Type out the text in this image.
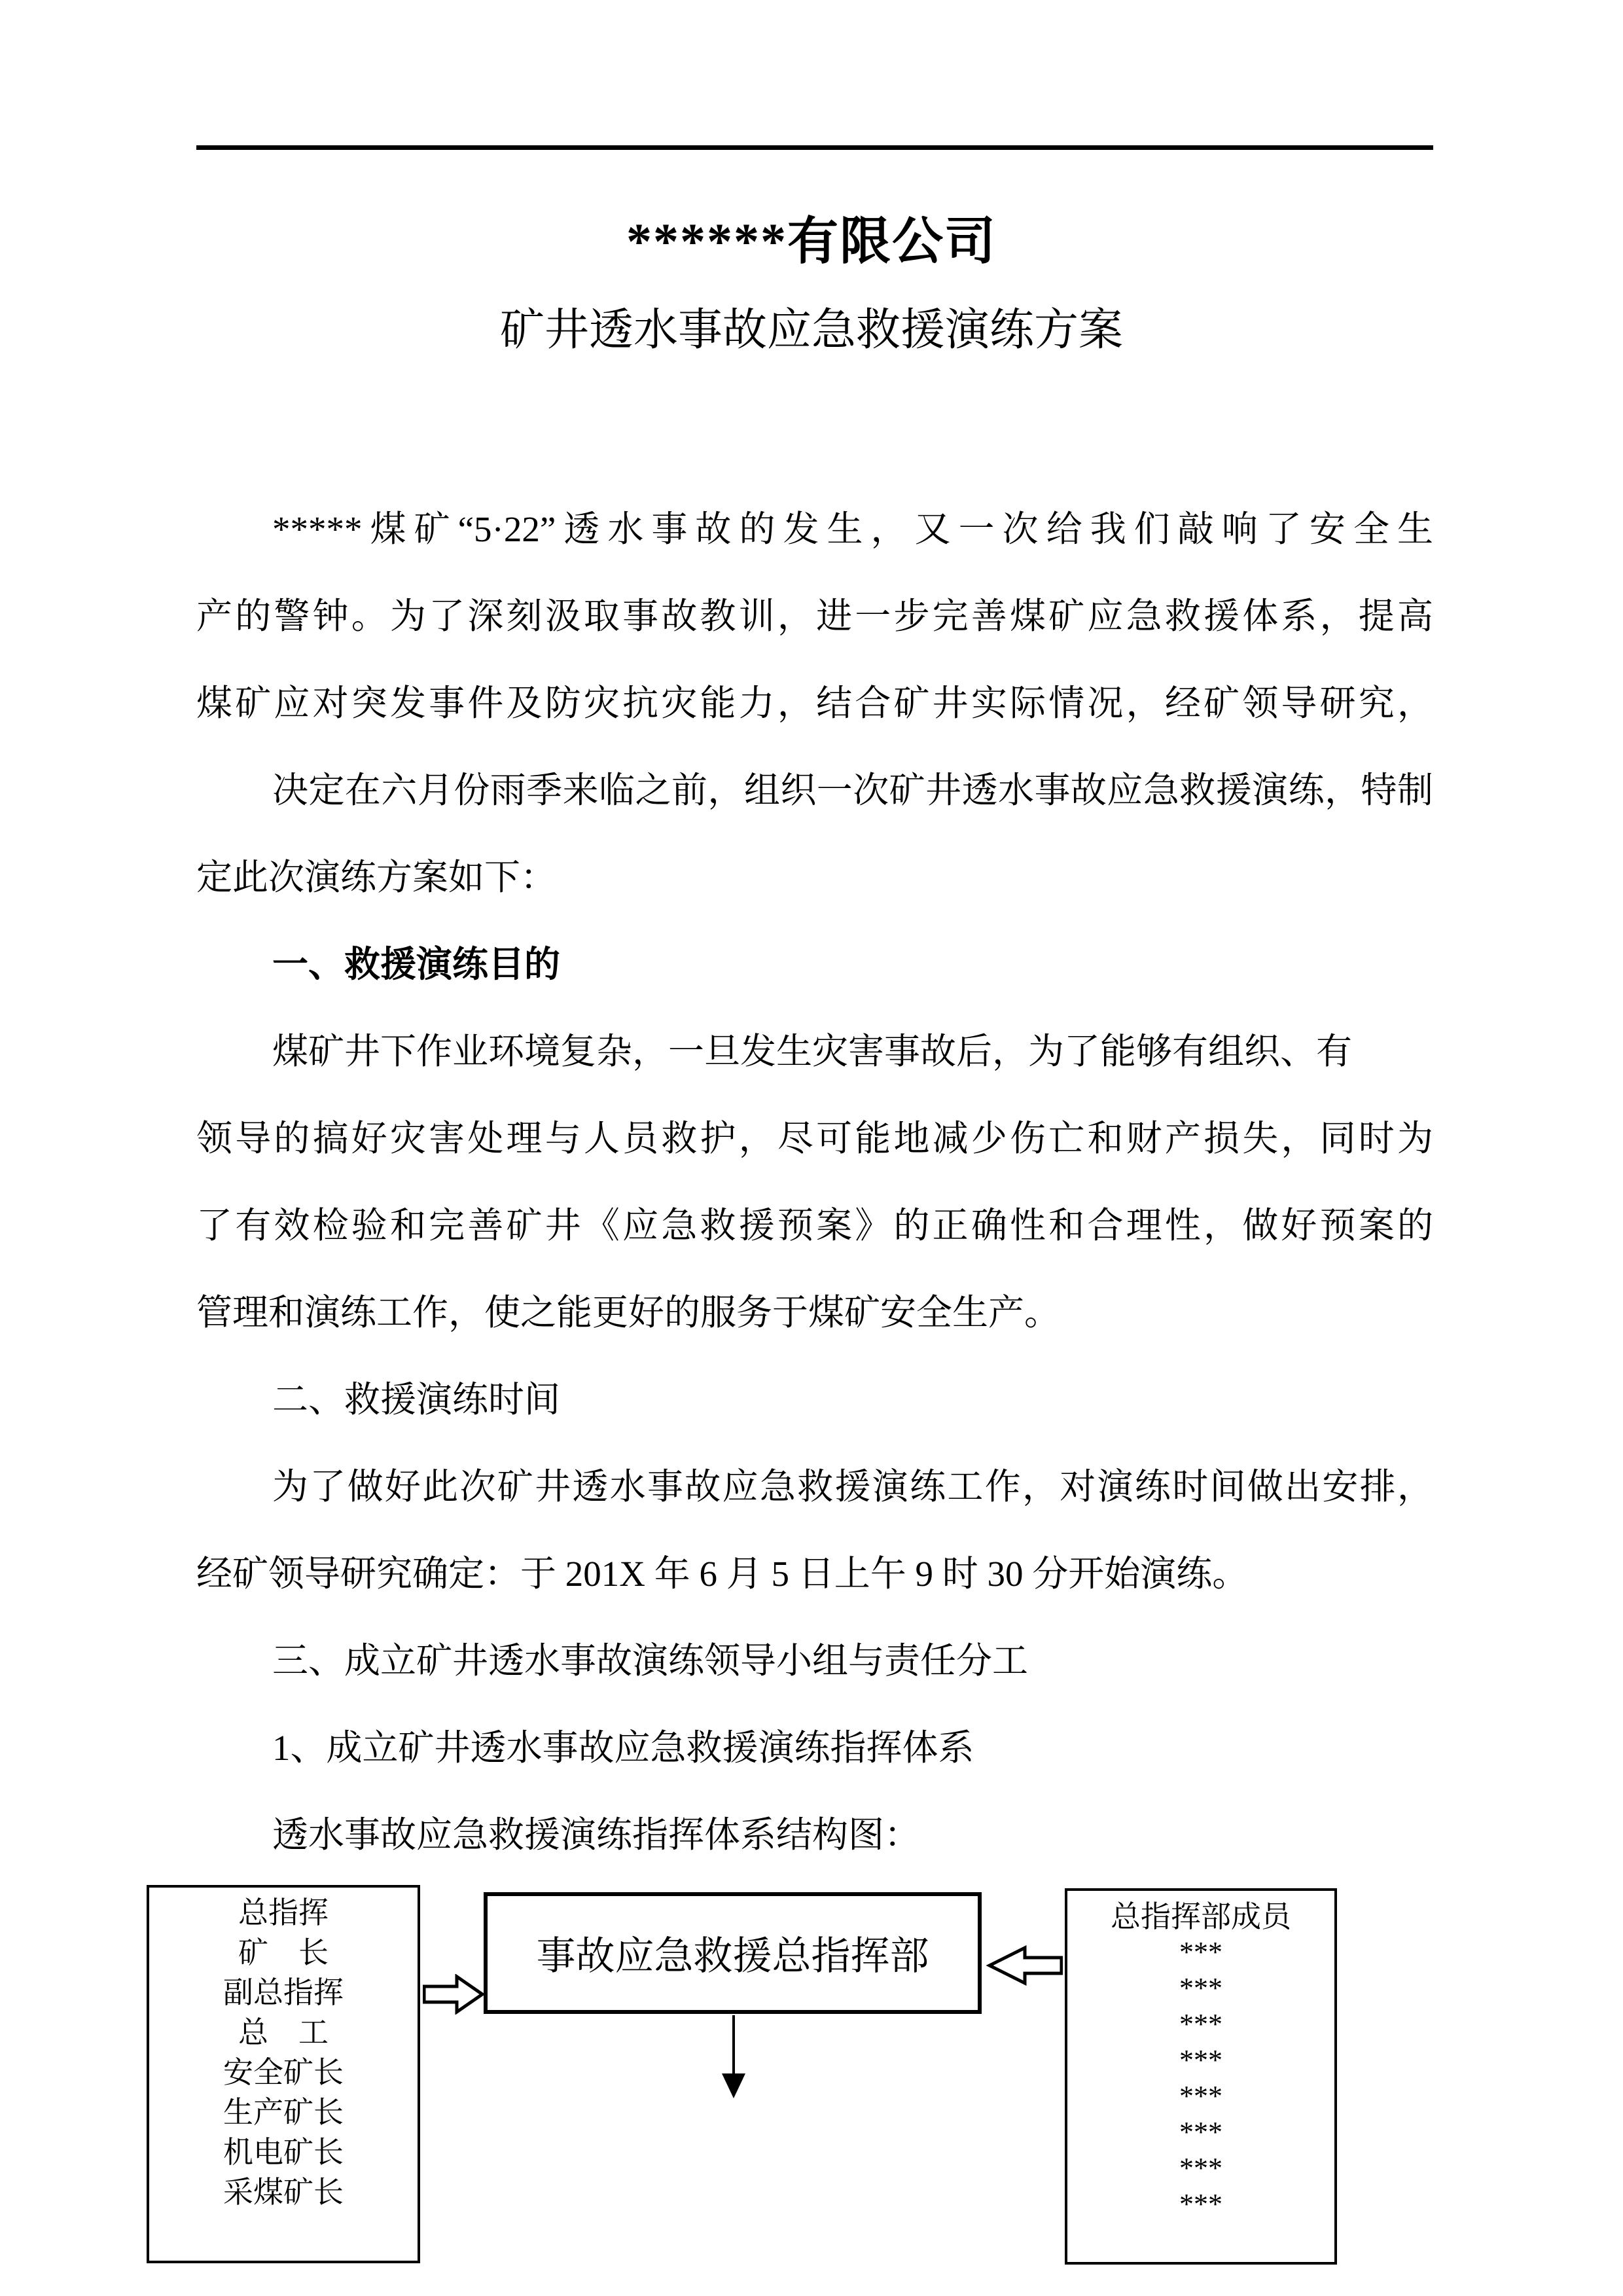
******有限公司
矿井透水事故应急救援演练方案
*****煤矿“5·22”透水事故的发生，又一次给我们敲响了安全生
产的警钟。为了深刻汲取事故教训，进一步完善煤矿应急救援体系，提高
煤矿应对突发事件及防灾抗灾能力，结合矿井实际情况，经矿领导研究，
决定在六月份雨季来临之前，组织一次矿井透水事故应急救援演练，特制
定此次演练方案如下：
一、救援演练目的
煤矿井下作业环境复杂，一旦发生灾害事故后，为了能够有组织、有
领导的搞好灾害处理与人员救护，尽可能地减少伤亡和财产损失，同时为
了有效检验和完善矿井《应急救援预案》的正确性和合理性，做好预案的
管理和演练工作，使之能更好的服务于煤矿安全生产。
二、救援演练时间
为了做好此次矿井透水事故应急救援演练工作，对演练时间做出安排，
经矿领导研究确定：于 201X 年 6 月 5 日上午 9 时 30 分开始演练。
三、成立矿井透水事故演练领导小组与责任分工
1、成立矿井透水事故应急救援演练指挥体系
透水事故应急救援演练指挥体系结构图：
总指挥
矿　长
副总指挥
总　工
安全矿长
生产矿长
机电矿长
采煤矿长
事故应急救援总指挥部
总指挥部成员
***
***
***
***
***
***
***
***
